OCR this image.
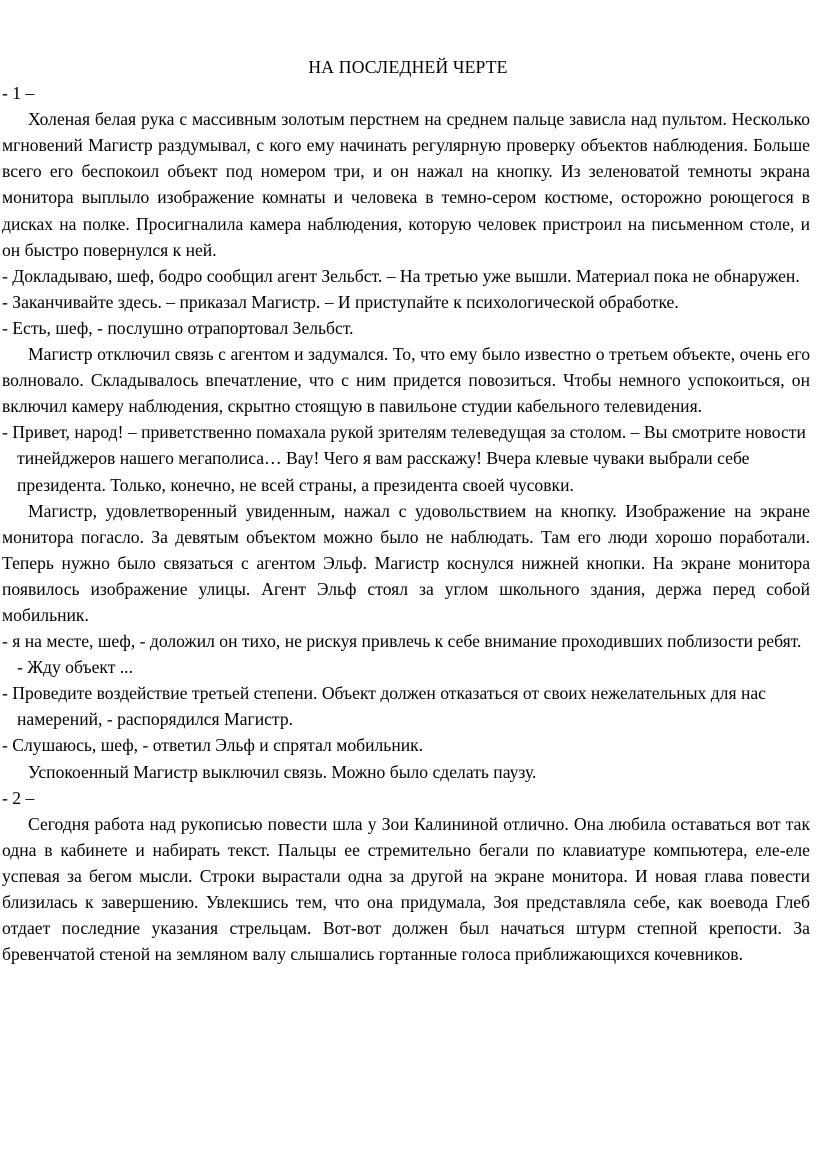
НА ПОСЛЕДНЕЙ ЧЕРТЕ
- 1 –

Холеная белая рука с массивным золотым перстнем на среднем пальце зависла над пультом. Несколько мгновений Магистр раздумывал, с кого ему начинать регулярную проверку объектов наблюдения. Больше всего его беспокоил объект под номером три, и он нажал на кнопку. Из зеленоватой темноты экрана монитора выплыло изображение комнаты и человека в темно-сером костюме, осторожно роющегося в дисках на полке. Просигналила камера наблюдения, которую человек пристроил на письменном столе, и он быстро повернулся к ней.

- Докладываю, шеф, бодро сообщил агент Зельбст. – На третью уже вышли. Материал пока не обнаружен.

- Заканчивайте здесь. – приказал Магистр. – И приступайте к психологической обработке.

- Есть, шеф, - послушно отрапортовал Зельбст.

Магистр отключил связь с агентом и задумался. То, что ему было известно о третьем объекте, очень его волновало. Складывалось впечатление, что с ним придется повозиться. Чтобы немного успокоиться, он включил камеру наблюдения, скрытно стоящую в павильоне студии кабельного телевидения.

- Привет, народ! – приветственно помахала рукой зрителям телеведущая за столом. – Вы смотрите новости тинейджеров нашего мегаполиса… Вау! Чего я вам расскажу! Вчера клевые чуваки выбрали себе президента. Только, конечно, не всей страны, а президента своей чусовки.

Магистр, удовлетворенный увиденным, нажал с удовольствием на кнопку. Изображение на экране монитора погасло. За девятым объектом можно было не наблюдать. Там его люди хорошо поработали. Теперь нужно было связаться с агентом Эльф. Магистр коснулся нижней кнопки. На экране монитора появилось изображение улицы. Агент Эльф стоял за углом школьного здания, держа перед собой мобильник.

- я на месте, шеф, - доложил он тихо, не рискуя привлечь к себе внимание проходивших поблизости ребят. - Жду объект ...

- Проведите воздействие третьей степени. Объект должен отказаться от своих нежелательных для нас намерений, - распорядился Магистр.

- Слушаюсь, шеф, - ответил Эльф и спрятал мобильник.

Успокоенный Магистр выключил связь. Можно было сделать паузу.

- 2 –

Сегодня работа над рукописью повести шла у Зои Калининой отлично. Она любила оставаться вот так одна в кабинете и набирать текст. Пальцы ее стремительно бегали по клавиатуре компьютера, еле-еле успевая за бегом мысли. Строки вырастали одна за другой на экране монитора. И новая глава повести близилась к завершению. Увлекшись тем, что она придумала, Зоя представляла себе, как воевода Глеб отдает последние указания стрельцам. Вот-вот должен был начаться штурм степной крепости. За бревенчатой стеной на земляном валу слышались гортанные голоса приближающихся кочевников.
